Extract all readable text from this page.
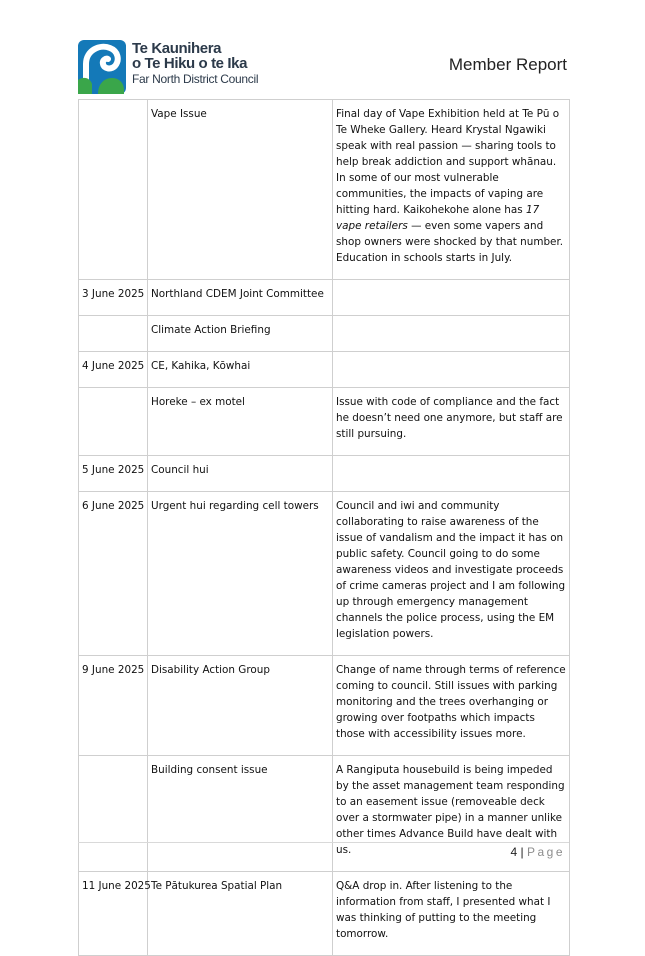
Te Kaunihera
o Te Hiku o te Ika
Far North District Council
Member Report
	Vape Issue	Final day of Vape Exhibition held at Te Pū o Te Wheke Gallery. Heard Krystal Ngawiki speak with real passion — sharing tools to help break addiction and support whānau. In some of our most vulnerable communities, the impacts of vaping are hitting hard. Kaikohekohe alone has 17 vape retailers — even some vapers and shop owners were shocked by that number. Education in schools starts in July.
3 June 2025	Northland CDEM Joint Committee	
	Climate Action Briefing	
4 June 2025	CE, Kahika, Kōwhai	
	Horeke – ex motel	Issue with code of compliance and the fact he doesn’t need one anymore, but staff are still pursuing.
5 June 2025	Council hui	
6 June 2025	Urgent hui regarding cell towers	Council and iwi and community collaborating to raise awareness of the issue of vandalism and the impact it has on public safety. Council going to do some awareness videos and investigate proceeds of crime cameras project and I am following up through emergency management channels the police process, using the EM legislation powers.
9 June 2025	Disability Action Group	Change of name through terms of reference coming to council. Still issues with parking monitoring and the trees overhanging or growing over footpaths which impacts those with accessibility issues more.
	Building consent issue	A Rangiputa housebuild is being impeded by the asset management team responding to an easement issue (removeable deck over a stormwater pipe) in a manner unlike other times Advance Build have dealt with us.
11 June 2025	Te Pātukurea Spatial Plan	Q&A drop in. After listening to the information from staff, I presented what I was thinking of putting to the meeting tomorrow.
4 | Page
